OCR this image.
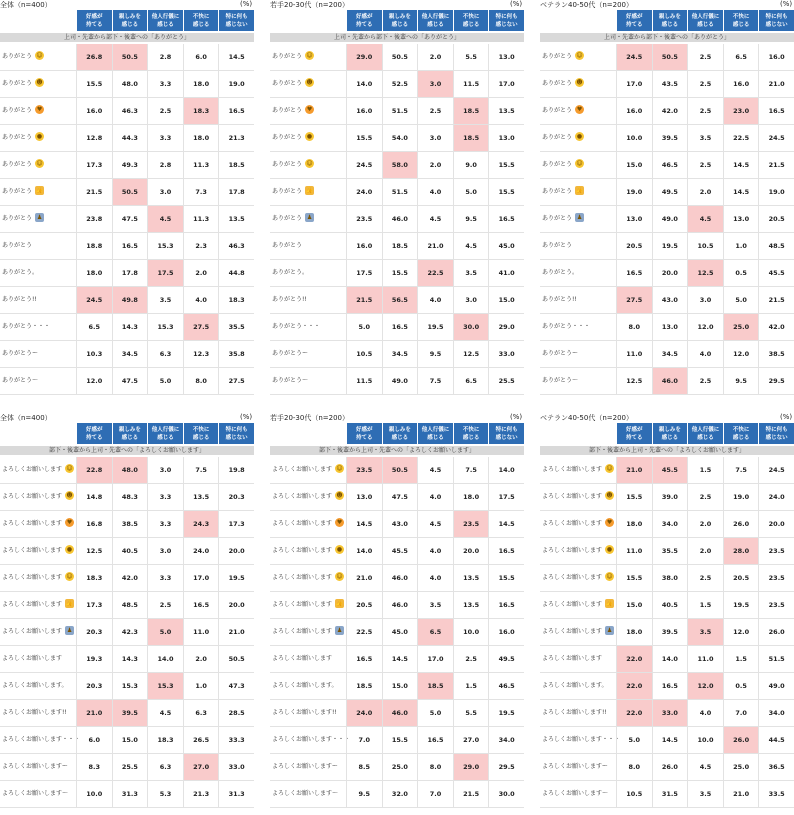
全体（n=400）	(%)
好感が
持てる
親しみを
感じる
他人行儀に
感じる
不快に
感じる
特に何も
感じない
上司・先輩から部下・後輩への「ありがとう」
ありがとう ☺	26.8	50.5	2.8	6.0	14.5
ありがとう ☻	15.5	48.0	3.3	18.0	19.0
ありがとう ♥	16.0	46.3	2.5	18.3	16.5
ありがとう ●	12.8	44.3	3.3	18.0	21.3
ありがとう ☺	17.3	49.3	2.8	11.3	18.5
ありがとう 👍	21.5	50.5	3.0	7.3	17.8
ありがとう ♟	23.8	47.5	4.5	11.3	13.5
ありがとう	18.8	16.5	15.3	2.3	46.3
ありがとう。	18.0	17.8	17.5	2.0	44.8
ありがとう!!	24.5	49.8	3.5	4.0	18.3
ありがとう・・・	6.5	14.3	15.3	27.5	35.5
ありがとうー	10.3	34.5	6.3	12.3	35.8
ありがとう～	12.0	47.5	5.0	8.0	27.5
若手20-30代（n=200）	(%)
好感が
持てる
親しみを
感じる
他人行儀に
感じる
不快に
感じる
特に何も
感じない
上司・先輩から部下・後輩への「ありがとう」
ありがとう ☺	29.0	50.5	2.0	5.5	13.0
ありがとう ☻	14.0	52.5	3.0	11.5	17.0
ありがとう ♥	16.0	51.5	2.5	18.5	13.5
ありがとう ●	15.5	54.0	3.0	18.5	13.0
ありがとう ☺	24.5	58.0	2.0	9.0	15.5
ありがとう 👍	24.0	51.5	4.0	5.0	15.5
ありがとう ♟	23.5	46.0	4.5	9.5	16.5
ありがとう	16.0	18.5	21.0	4.5	45.0
ありがとう。	17.5	15.5	22.5	3.5	41.0
ありがとう!!	21.5	56.5	4.0	3.0	15.0
ありがとう・・・	5.0	16.5	19.5	30.0	29.0
ありがとうー	10.5	34.5	9.5	12.5	33.0
ありがとう～	11.5	49.0	7.5	6.5	25.5
ベテラン40-50代（n=200）	(%)
好感が
持てる
親しみを
感じる
他人行儀に
感じる
不快に
感じる
特に何も
感じない
上司・先輩から部下・後輩への「ありがとう」
ありがとう ☺	24.5	50.5	2.5	6.5	16.0
ありがとう ☻	17.0	43.5	2.5	16.0	21.0
ありがとう ♥	16.0	42.0	2.5	23.0	16.5
ありがとう ●	10.0	39.5	3.5	22.5	24.5
ありがとう ☺	15.0	46.5	2.5	14.5	21.5
ありがとう 👍	19.0	49.5	2.0	14.5	19.0
ありがとう ♟	13.0	49.0	4.5	13.0	20.5
ありがとう	20.5	19.5	10.5	1.0	48.5
ありがとう。	16.5	20.0	12.5	0.5	45.5
ありがとう!!	27.5	43.0	3.0	5.0	21.5
ありがとう・・・	8.0	13.0	12.0	25.0	42.0
ありがとうー	11.0	34.5	4.0	12.0	38.5
ありがとう～	12.5	46.0	2.5	9.5	29.5
全体（n=400）	(%)
好感が
持てる
親しみを
感じる
他人行儀に
感じる
不快に
感じる
特に何も
感じない
部下・後輩から上司・先輩への「よろしくお願いします」
よろしくお願いします ☺	22.8	48.0	3.0	7.5	19.8
よろしくお願いします ☻	14.8	48.3	3.3	13.5	20.3
よろしくお願いします ♥	16.8	38.5	3.3	24.3	17.3
よろしくお願いします ●	12.5	40.5	3.0	24.0	20.0
よろしくお願いします ☺	18.3	42.0	3.3	17.0	19.5
よろしくお願いします 👍	17.3	48.5	2.5	16.5	20.0
よろしくお願いします ♟	20.3	42.3	5.0	11.0	21.0
よろしくお願いします	19.3	14.3	14.0	2.0	50.5
よろしくお願いします。	20.3	15.3	15.3	1.0	47.3
よろしくお願いします!!	21.0	39.5	4.5	6.3	28.5
よろしくお願いします・・・	6.0	15.0	18.3	26.5	33.3
よろしくお願いしますー	8.3	25.5	6.3	27.0	33.0
よろしくお願いします～	10.0	31.3	5.3	21.3	31.3
若手20-30代（n=200）	(%)
好感が
持てる
親しみを
感じる
他人行儀に
感じる
不快に
感じる
特に何も
感じない
部下・後輩から上司・先輩への「よろしくお願いします」
よろしくお願いします ☺	23.5	50.5	4.5	7.5	14.0
よろしくお願いします ☻	13.0	47.5	4.0	18.0	17.5
よろしくお願いします ♥	14.5	43.0	4.5	23.5	14.5
よろしくお願いします ●	14.0	45.5	4.0	20.0	16.5
よろしくお願いします ☺	21.0	46.0	4.0	13.5	15.5
よろしくお願いします 👍	20.5	46.0	3.5	13.5	16.5
よろしくお願いします ♟	22.5	45.0	6.5	10.0	16.0
よろしくお願いします	16.5	14.5	17.0	2.5	49.5
よろしくお願いします。	18.5	15.0	18.5	1.5	46.5
よろしくお願いします!!	24.0	46.0	5.0	5.5	19.5
よろしくお願いします・・・	7.0	15.5	16.5	27.0	34.0
よろしくお願いしますー	8.5	25.0	8.0	29.0	29.5
よろしくお願いします～	9.5	32.0	7.0	21.5	30.0
ベテラン40-50代（n=200）	(%)
好感が
持てる
親しみを
感じる
他人行儀に
感じる
不快に
感じる
特に何も
感じない
部下・後輩から上司・先輩への「よろしくお願いします」
よろしくお願いします ☺	21.0	45.5	1.5	7.5	24.5
よろしくお願いします ☻	15.5	39.0	2.5	19.0	24.0
よろしくお願いします ♥	18.0	34.0	2.0	26.0	20.0
よろしくお願いします ●	11.0	35.5	2.0	28.0	23.5
よろしくお願いします ☺	15.5	38.0	2.5	20.5	23.5
よろしくお願いします 👍	15.0	40.5	1.5	19.5	23.5
よろしくお願いします ♟	18.0	39.5	3.5	12.0	26.0
よろしくお願いします	22.0	14.0	11.0	1.5	51.5
よろしくお願いします。	22.0	16.5	12.0	0.5	49.0
よろしくお願いします!!	22.0	33.0	4.0	7.0	34.0
よろしくお願いします・・・	5.0	14.5	10.0	26.0	44.5
よろしくお願いしますー	8.0	26.0	4.5	25.0	36.5
よろしくお願いします～	10.5	31.5	3.5	21.0	33.5
